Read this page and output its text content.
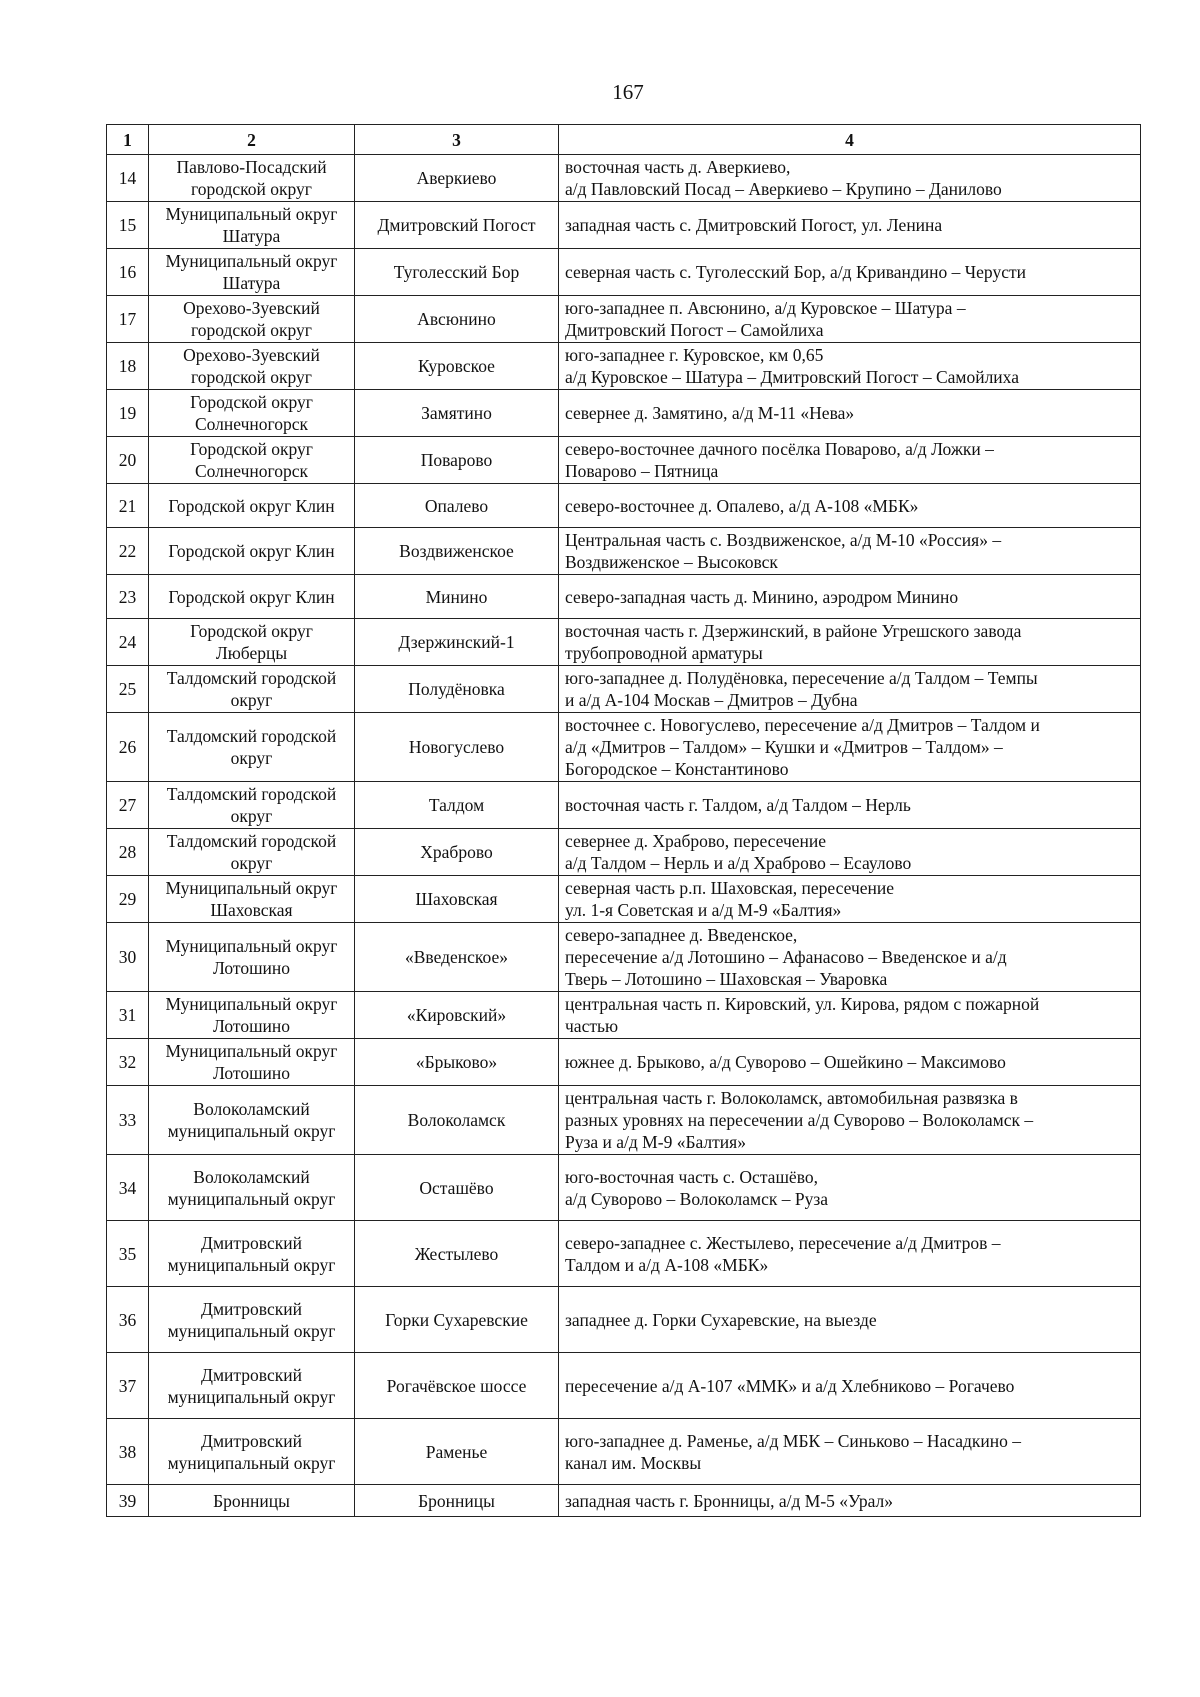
167
1	2	3	4
14	Павлово-Посадский городской округ	Аверкиево	восточная часть д. Аверкиево,
а/д Павловский Посад – Аверкиево – Крупино – Данилово
15	Муниципальный округ Шатура	Дмитровский Погост	западная часть с. Дмитровский Погост, ул. Ленина
16	Муниципальный округ Шатура	Туголесский Бор	северная часть с. Туголесский Бор, а/д Кривандино – Черусти
17	Орехово-Зуевский городской округ	Авсюнино	юго-западнее п. Авсюнино, а/д Куровское – Шатура –
Дмитровский Погост – Самойлиха
18	Орехово-Зуевский городской округ	Куровское	юго-западнее г. Куровское, км 0,65
а/д Куровское – Шатура – Дмитровский Погост – Самойлиха
19	Городской округ Солнечногорск	Замятино	севернее д. Замятино, а/д М-11 «Нева»
20	Городской округ Солнечногорск	Поварово	северо-восточнее дачного посёлка Поварово, а/д Ложки –
Поварово – Пятница
21	Городской округ Клин	Опалево	северо-восточнее д. Опалево, а/д А-108 «МБК»
22	Городской округ Клин	Воздвиженское	Центральная часть с. Воздвиженское, а/д М-10 «Россия» –
Воздвиженское – Высоковск
23	Городской округ Клин	Минино	северо-западная часть д. Минино, аэродром Минино
24	Городской округ Люберцы	Дзержинский-1	восточная часть г. Дзержинский, в районе Угрешского завода
трубопроводной арматуры
25	Талдомский городской округ	Полудёновка	юго-западнее д. Полудёновка, пересечение а/д Талдом – Темпы
и а/д А-104 Москав – Дмитров – Дубна
26	Талдомский городской округ	Новогуслево	восточнее с. Новогуслево, пересечение а/д Дмитров – Талдом и
а/д «Дмитров – Талдом» – Кушки и «Дмитров – Талдом» –
Богородское – Константиново
27	Талдомский городской округ	Талдом	восточная часть г. Талдом, а/д Талдом – Нерль
28	Талдомский городской округ	Храброво	севернее д. Храброво, пересечение
а/д Талдом – Нерль и а/д Храброво – Есаулово
29	Муниципальный округ Шаховская	Шаховская	северная часть р.п. Шаховская, пересечение
ул. 1-я Советская и а/д М-9 «Балтия»
30	Муниципальный округ Лотошино	«Введенское»	северо-западнее д. Введенское,
пересечение а/д Лотошино – Афанасово – Введенское и а/д
Тверь – Лотошино – Шаховская – Уваровка
31	Муниципальный округ Лотошино	«Кировский»	центральная часть п. Кировский, ул. Кирова, рядом с пожарной
частью
32	Муниципальный округ Лотошино	«Брыково»	южнее д. Брыково, а/д Суворово – Ошейкино – Максимово
33	Волоколамский муниципальный округ	Волоколамск	центральная часть г. Волоколамск, автомобильная развязка в
разных уровнях на пересечении а/д Суворово – Волоколамск –
Руза и а/д М-9 «Балтия»
34	Волоколамский муниципальный округ	Осташёво	юго-восточная часть с. Осташёво,
а/д Суворово – Волоколамск – Руза
35	Дмитровский муниципальный округ	Жестылево	северо-западнее с. Жестылево, пересечение а/д Дмитров –
Талдом и а/д А-108 «МБК»
36	Дмитровский муниципальный округ	Горки Сухаревские	западнее д. Горки Сухаревские, на выезде
37	Дмитровский муниципальный округ	Рогачёвское шоссе	пересечение а/д А-107 «ММК» и а/д Хлебниково – Рогачево
38	Дмитровский муниципальный округ	Раменье	юго-западнее д. Раменье, а/д МБК – Синьково – Насадкино –
канал им. Москвы
39	Бронницы	Бронницы	западная часть г. Бронницы, а/д М-5 «Урал»
